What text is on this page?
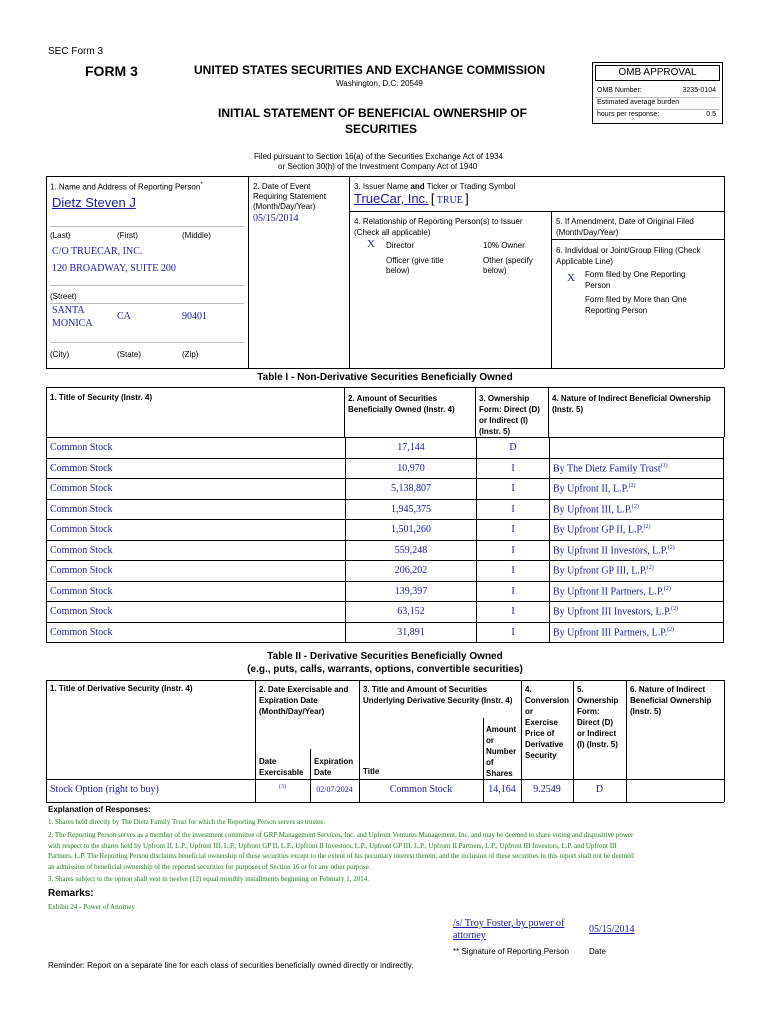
SEC Form 3
FORM 3	UNITED STATES SECURITIES AND EXCHANGE COMMISSION
Washington, D.C. 20549
INITIAL STATEMENT OF BENEFICIAL OWNERSHIP OF
SECURITIES
Filed pursuant to Section 16(a) of the Securities Exchange Act of 1934
or Section 30(h) of the Investment Company Act of 1940
OMB APPROVAL
OMB Number:	3235-0104
Estimated average burden
hours per response:	0.5
1. Name and Address of Reporting Person*
Dietz Steven J
(Last)	(First)	(Middle)
C/O TRUECAR, INC.
120 BROADWAY, SUITE 200
(Street)
SANTA
MONICA
CA	90401
(City)	(State)	(Zip)
2. Date of Event
Requiring Statement
(Month/Day/Year)
05/15/2014
3. Issuer Name and Ticker or Trading Symbol
TrueCar, Inc. [ TRUE ]
4. Relationship of Reporting Person(s) to Issuer
(Check all applicable)
X Director	10% Owner
Officer (give title
below)
Other (specify
below)
5. If Amendment, Date of Original Filed
(Month/Day/Year)
6. Individual or Joint/Group Filing (Check
Applicable Line)
X Form filed by One Reporting
Person
Form filed by More than One
Reporting Person
Table I - Non-Derivative Securities Beneficially Owned
1. Title of Security (Instr. 4)	2. Amount of Securities
Beneficially Owned (Instr. 4)
3. Ownership
Form: Direct (D)
or Indirect (I)
(Instr. 5)
4. Nature of Indirect Beneficial Ownership
(Instr. 5)
Common Stock	17,144	D	
Common Stock	10,970	I	By The Dietz Family Trust$^{(1)}$
Common Stock	5,138,807	I	By Upfront II, L.P.$^{(2)}$
Common Stock	1,945,375	I	By Upfront III, L.P.$^{(2)}$
Common Stock	1,501,260	I	By Upfront GP II, L.P.$^{(2)}$
Common Stock	559,248	I	By Upfront II Investors, L.P.$^{(2)}$
Common Stock	206,202	I	By Upfront GP III, L.P.$^{(2)}$
Common Stock	139,397	I	By Upfront II Partners, L.P.$^{(2)}$
Common Stock	63,152	I	By Upfront III Investors, L.P.$^{(2)}$
Common Stock	31,891	I	By Upfront III Partners, L.P.$^{(2)}$
Table II - Derivative Securities Beneficially Owned
(e.g., puts, calls, warrants, options, convertible securities)
1. Title of Derivative Security (Instr. 4)	2. Date Exercisable and
Expiration Date
(Month/Day/Year)
Date
Exercisable
Expiration
Date
3. Title and Amount of Securities
Underlying Derivative Security (Instr. 4)
Title
Amount
or
Number
of
Shares
4.
Conversion
or
Exercise
Price of
Derivative
Security
5.
Ownership
Form:
Direct (D)
or Indirect
(I) (Instr. 5)
6. Nature of Indirect
Beneficial Ownership
(Instr. 5)
Stock Option (right to buy)	(3)	02/07/2024	Common Stock	14,164	9.2549	D
Explanation of Responses:
1. Shares held directly by The Dietz Family Trust for which the Reporting Person serves as trustee.
2. The Reporting Person serves as a member of the investment committee of GRP Management Services, Inc. and Upfront Ventures Management, Inc. and may be deemed to share voting and dispositive power
with respect to the shares held by Upfront II, L.P., Upfront III, L.P., Upfront GP II, L.P., Upfront II Investors, L.P., Upfront GP III, L.P., Upfront II Partners, L.P., Upfront III Investors, L.P. and Upfront III
Partners, L.P. The Reporting Person disclaims beneficial ownership of these securities except to the extent of his pecuniary interest therein, and the inclusion of these securities in this report shall not be deemed
an admission of beneficial ownership of the reported securities for purposes of Section 16 or for any other purpose.
3. Shares subject to the option shall vest in twelve (12) equal monthly installments beginning on February 1, 2014.
Remarks:
Exhibit 24 - Power of Attorney
/s/ Troy Foster, by power of
attorney
05/15/2014
** Signature of Reporting Person Date
Reminder: Report on a separate line for each class of securities beneficially owned directly or indirectly.
